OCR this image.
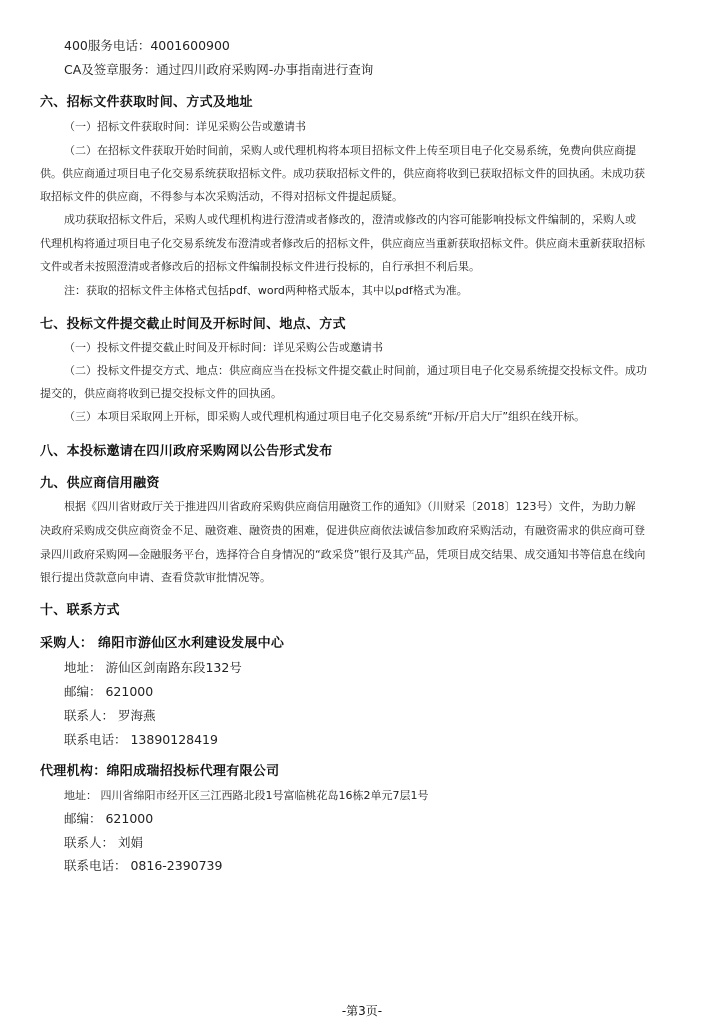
400服务电话：4001600900
CA及签章服务：通过四川政府采购网-办事指南进行查询
六、招标文件获取时间、方式及地址
（一）招标文件获取时间：详见采购公告或邀请书
（二）在招标文件获取开始时间前，采购人或代理机构将本项目招标文件上传至项目电子化交易系统，免费向供应商提
供。供应商通过项目电子化交易系统获取招标文件。成功获取招标文件的，供应商将收到已获取招标文件的回执函。未成功获
取招标文件的供应商，不得参与本次采购活动，不得对招标文件提起质疑。
成功获取招标文件后，采购人或代理机构进行澄清或者修改的，澄清或修改的内容可能影响投标文件编制的，采购人或
代理机构将通过项目电子化交易系统发布澄清或者修改后的招标文件，供应商应当重新获取招标文件。供应商未重新获取招标
文件或者未按照澄清或者修改后的招标文件编制投标文件进行投标的，自行承担不利后果。
注：获取的招标文件主体格式包括pdf、word两种格式版本，其中以pdf格式为准。
七、投标文件提交截止时间及开标时间、地点、方式
（一）投标文件提交截止时间及开标时间：详见采购公告或邀请书
（二）投标文件提交方式、地点：供应商应当在投标文件提交截止时间前，通过项目电子化交易系统提交投标文件。成功
提交的，供应商将收到已提交投标文件的回执函。
（三）本项目采取网上开标，即采购人或代理机构通过项目电子化交易系统“开标/开启大厅”组织在线开标。
八、本投标邀请在四川政府采购网以公告形式发布
九、供应商信用融资
根据《四川省财政厅关于推进四川省政府采购供应商信用融资工作的通知》（川财采〔2018〕123号）文件，为助力解
决政府采购成交供应商资金不足、融资难、融资贵的困难，促进供应商依法诚信参加政府采购活动，有融资需求的供应商可登
录四川政府采购网—金融服务平台，选择符合自身情况的“政采贷”银行及其产品，凭项目成交结果、成交通知书等信息在线向
银行提出贷款意向申请、查看贷款审批情况等。
十、联系方式
采购人： 绵阳市游仙区水利建设发展中心
地址： 游仙区剑南路东段132号
邮编： 621000
联系人： 罗海燕
联系电话： 13890128419
代理机构：绵阳成瑞招投标代理有限公司
地址： 四川省绵阳市经开区三江西路北段1号富临桃花岛16栋2单元7层1号
邮编： 621000
联系人： 刘娟
联系电话： 0816-2390739
-第3页-
